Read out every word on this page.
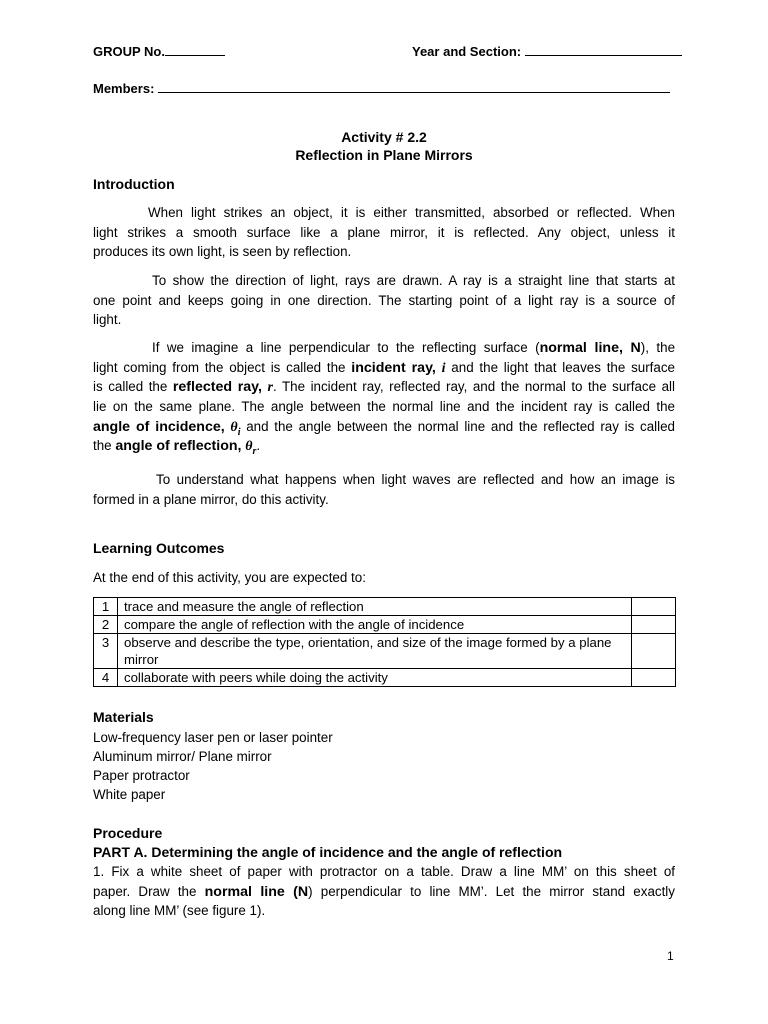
GROUP No.	Year and Section:
Members:
Activity # 2.2
Reflection in Plane Mirrors
Introduction
When light strikes an object, it is either transmitted, absorbed or reflected. When
light strikes a smooth surface like a plane mirror, it is reflected. Any object, unless it
produces its own light, is seen by reflection.
To show the direction of light, rays are drawn. A ray is a straight line that starts at
one point and keeps going in one direction. The starting point of a light ray is a source of
light.
If we imagine a line perpendicular to the reflecting surface (normal line, N), the
light coming from the object is called the incident ray, i and the light that leaves the surface
is called the reflected ray, r. The incident ray, reflected ray, and the normal to the surface all
lie on the same plane. The angle between the normal line and the incident ray is called the
angle of incidence, $\theta_i$ and the angle between the normal line and the reflected ray is called
the angle of reflection, $\theta_r$.
To understand what happens when light waves are reflected and how an image is
formed in a plane mirror, do this activity.
Learning Outcomes
At the end of this activity, you are expected to:
1	trace and measure the angle of reflection	
2	compare the angle of reflection with the angle of incidence	
3	observe and describe the type, orientation, and size of the image formed by a plane mirror	
4	collaborate with peers while doing the activity	
Materials
Low-frequency laser pen or laser pointer
Aluminum mirror/ Plane mirror
Paper protractor
White paper
Procedure
PART A. Determining the angle of incidence and the angle of reflection
1. Fix a white sheet of paper with protractor on a table. Draw a line MM’ on this sheet of
paper. Draw the normal line (N) perpendicular to line MM’. Let the mirror stand exactly
along line MM’ (see figure 1).
1
